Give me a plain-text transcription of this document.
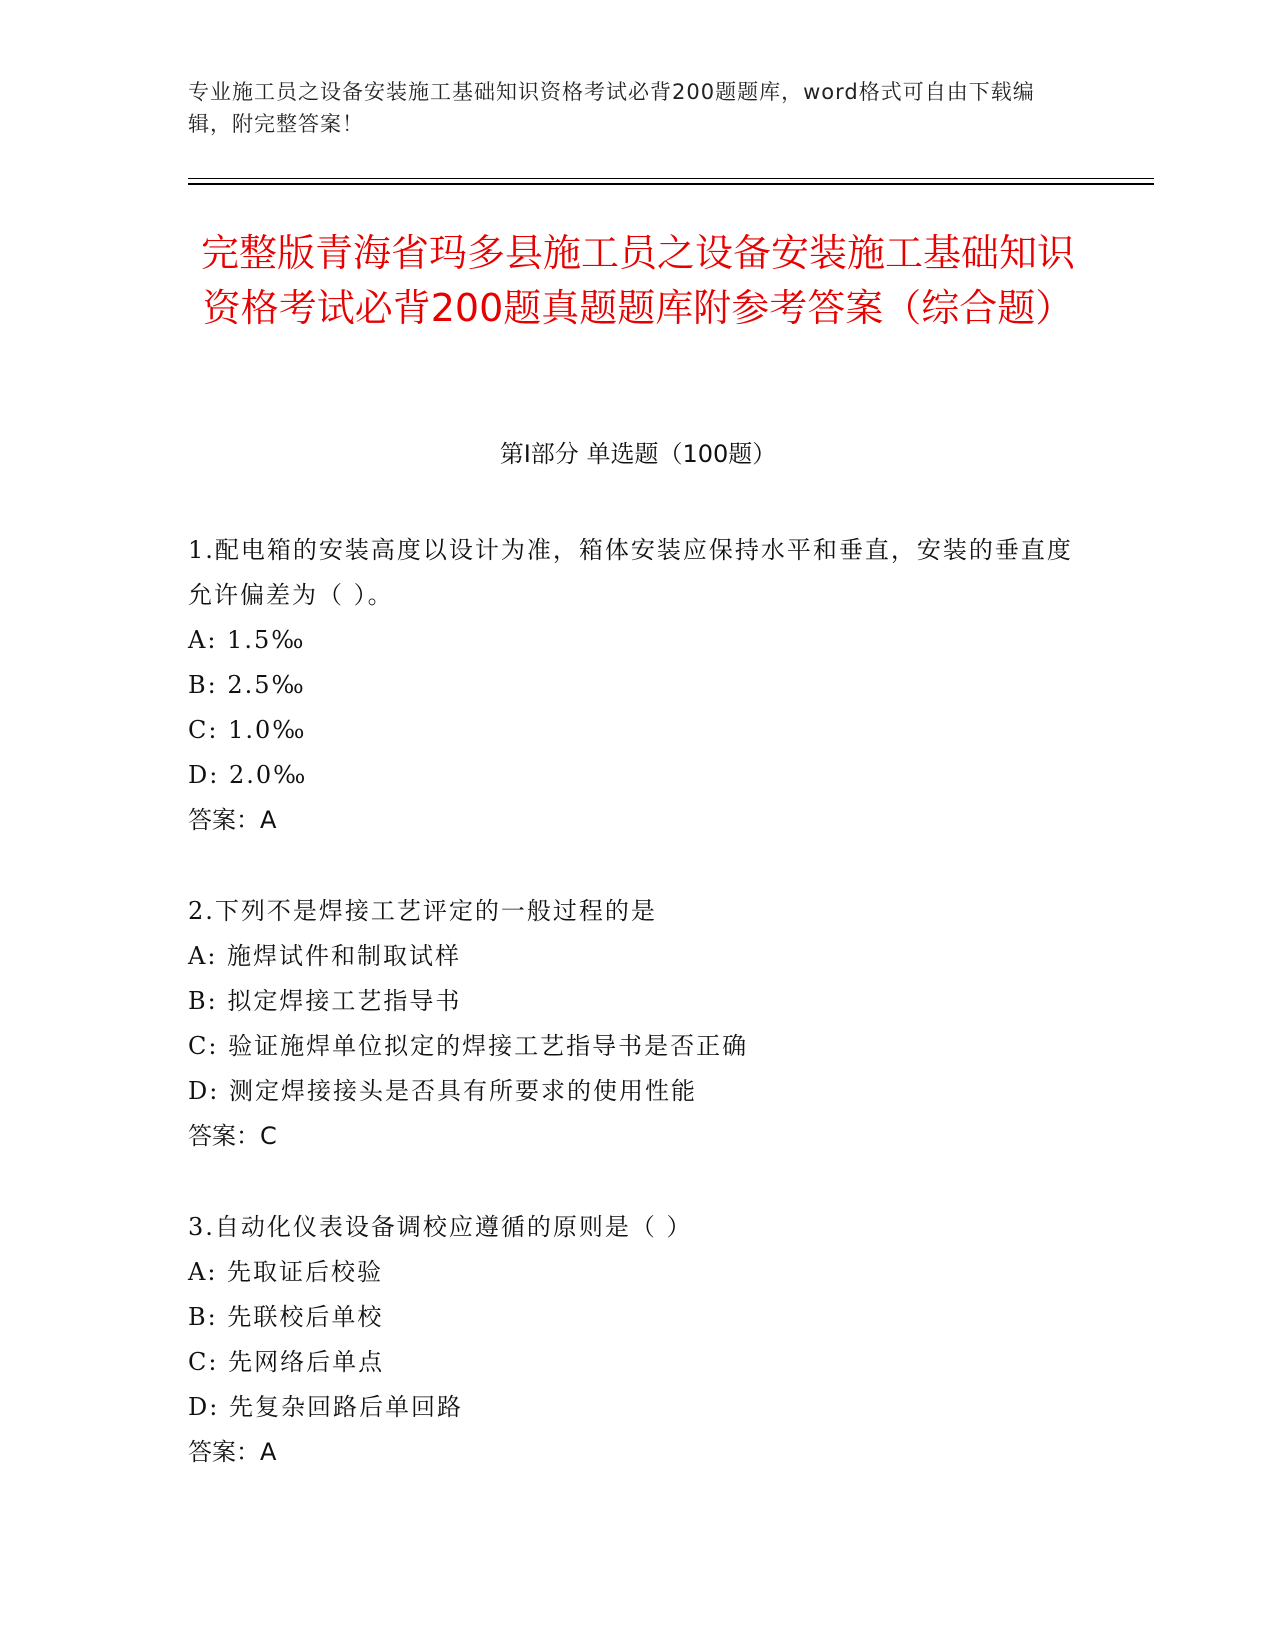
专业施工员之设备安装施工基础知识资格考试必背200题题库，word格式可自由下载编辑，附完整答案！
完整版青海省玛多县施工员之设备安装施工基础知识资格考试必背200题真题题库附参考答案（综合题）
第Ⅰ部分 单选题（100题）
1.配电箱的安装高度以设计为准，箱体安装应保持水平和垂直，安装的垂直度允许偏差为（ ）。
A: 1.5‰
B: 2.5‰
C: 1.0‰
D: 2.0‰
答案：A
2.下列不是焊接工艺评定的一般过程的是
A: 施焊试件和制取试样
B: 拟定焊接工艺指导书
C: 验证施焊单位拟定的焊接工艺指导书是否正确
D: 测定焊接接头是否具有所要求的使用性能
答案：C
3.自动化仪表设备调校应遵循的原则是（ ）
A: 先取证后校验
B: 先联校后单校
C: 先网络后单点
D: 先复杂回路后单回路
答案：A
